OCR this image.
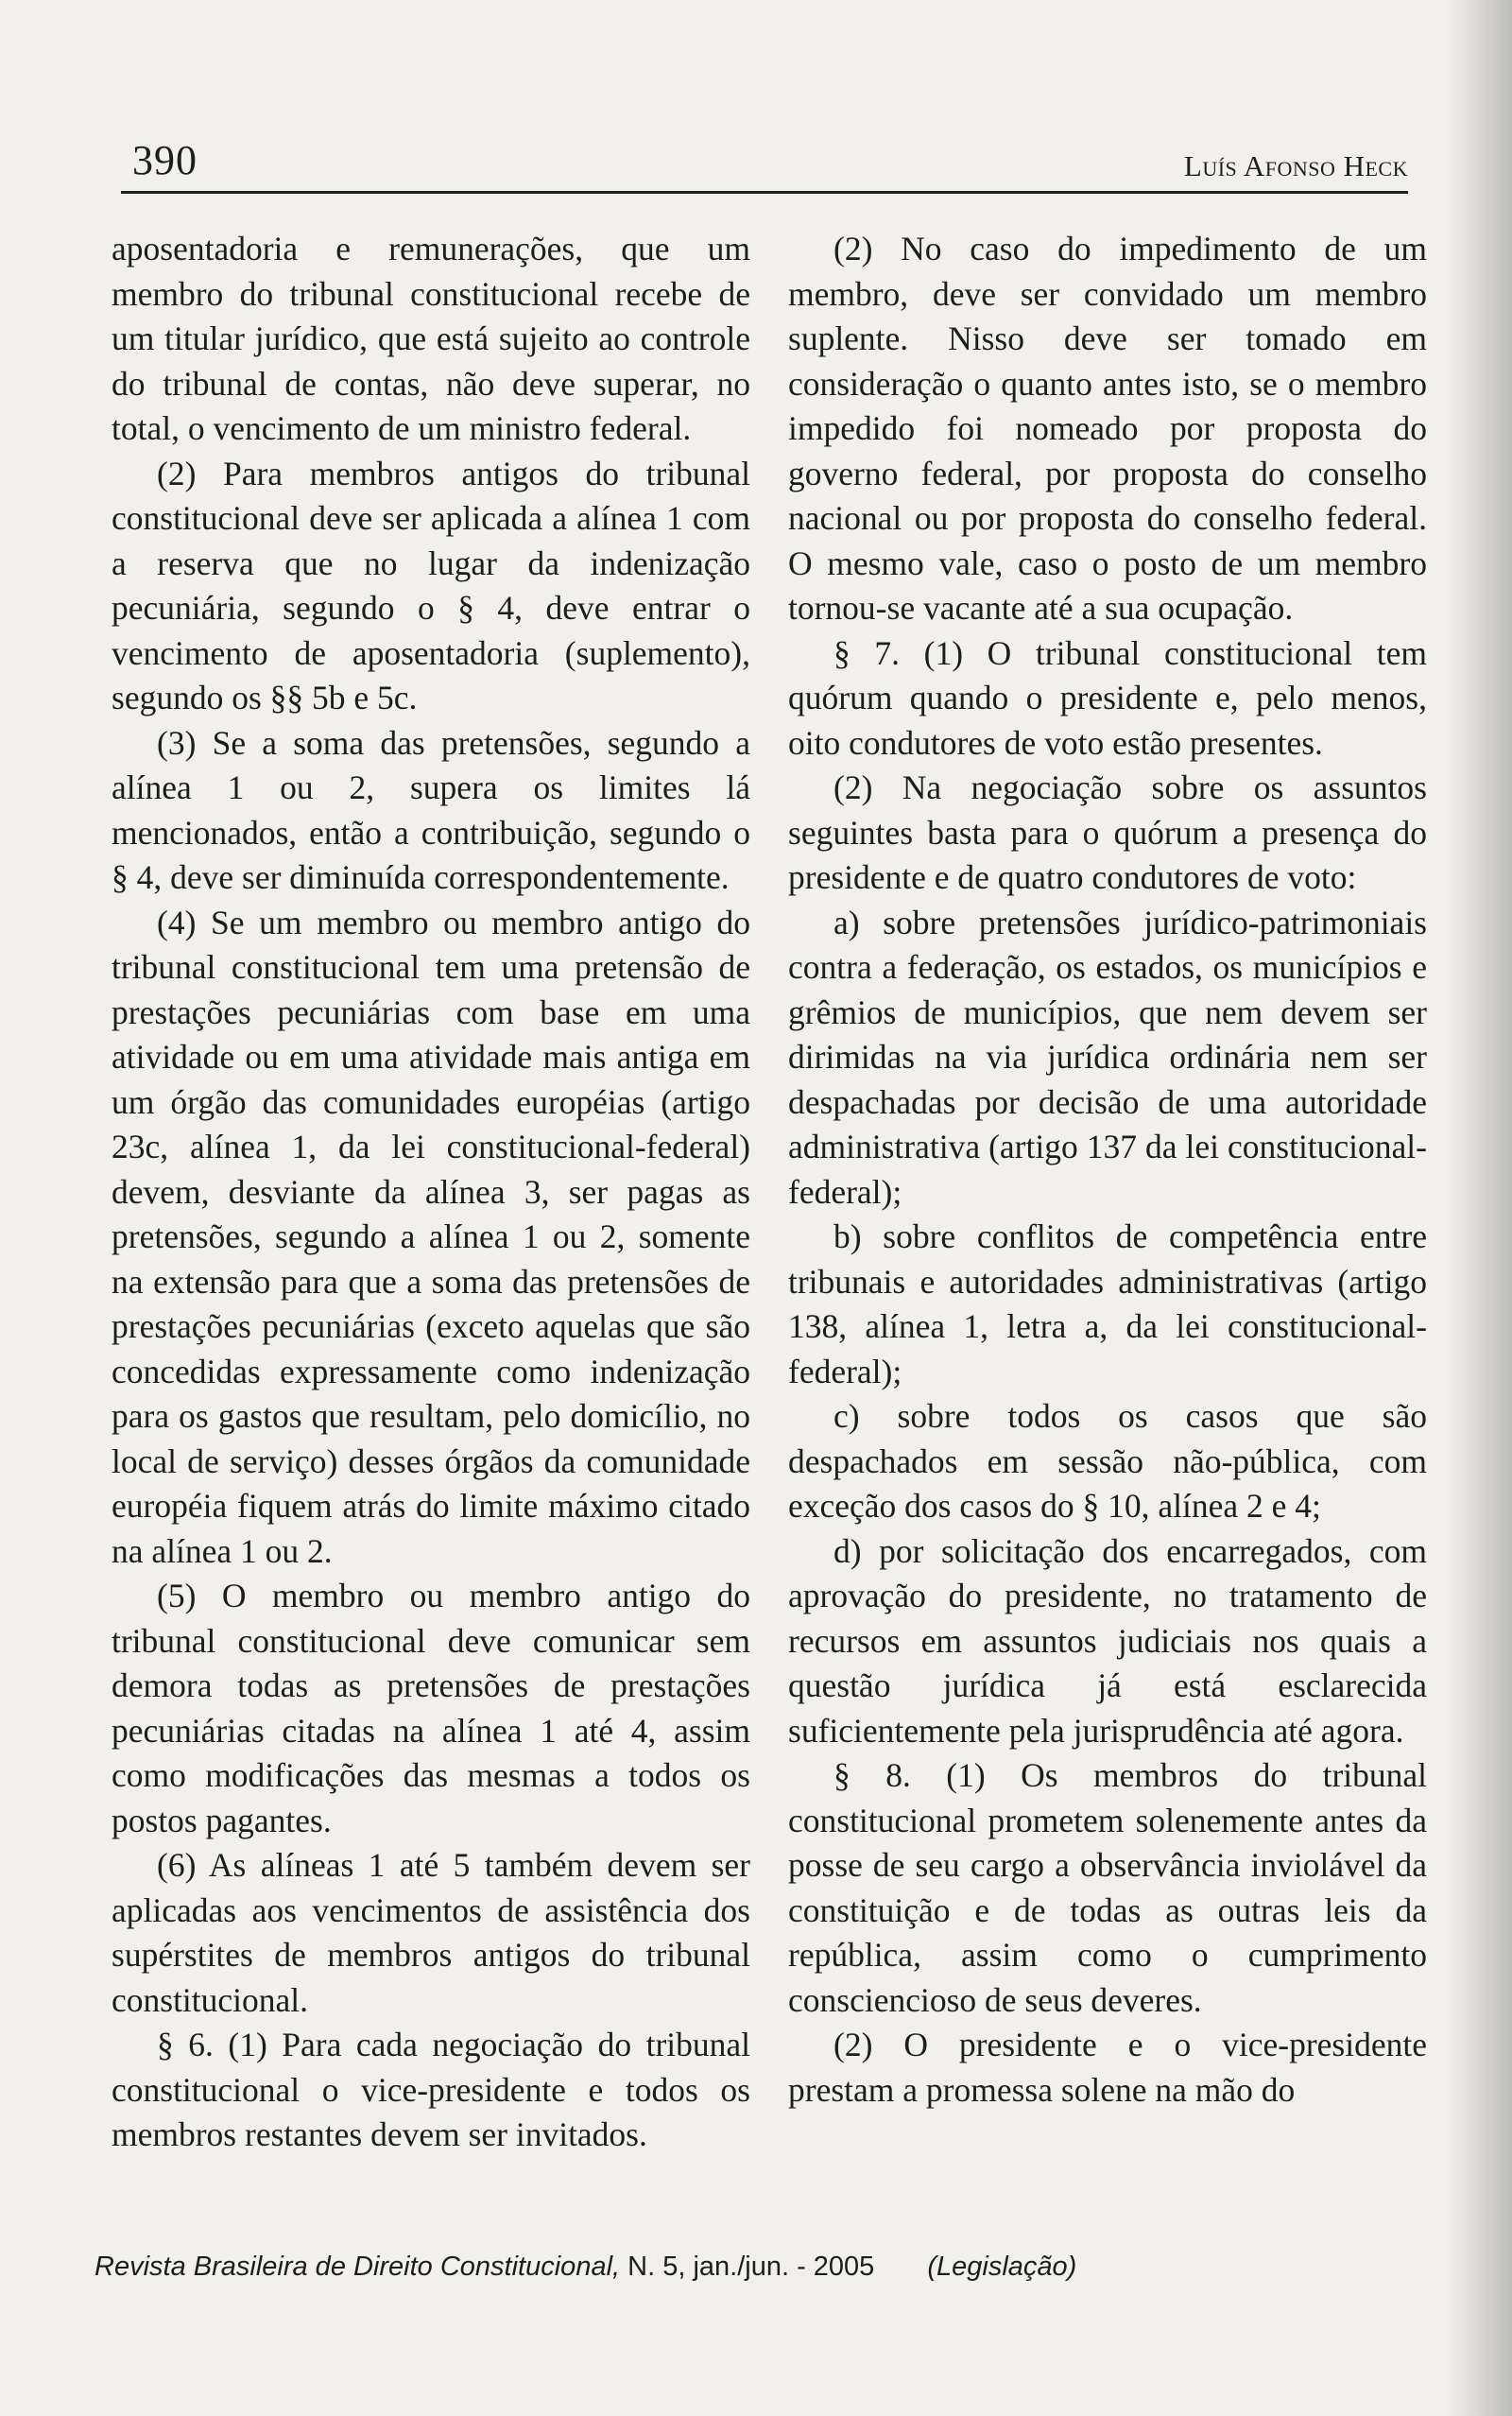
390	Luís Afonso Heck

aposentadoria e remunerações, que um membro do tribunal constitucional recebe de um titular jurídico, que está sujeito ao controle do tribunal de contas, não deve superar, no total, o vencimento de um ministro federal.

(2) Para membros antigos do tribunal constitucional deve ser aplicada a alínea 1 com a reserva que no lugar da indenização pecuniária, segundo o § 4, deve entrar o vencimento de aposentadoria (suplemento), segundo os §§ 5b e 5c.

(3) Se a soma das pretensões, segundo a alínea 1 ou 2, supera os limites lá mencionados, então a contribuição, segundo o § 4, deve ser diminuída correspondentemente.

(4) Se um membro ou membro antigo do tribunal constitucional tem uma pretensão de prestações pecuniárias com base em uma atividade ou em uma atividade mais antiga em um órgão das comunidades européias (artigo 23c, alínea 1, da lei constitucional-federal) devem, desviante da alínea 3, ser pagas as pretensões, segundo a alínea 1 ou 2, somente na extensão para que a soma das pretensões de prestações pecuniárias (exceto aquelas que são concedidas expressamente como indenização para os gastos que resultam, pelo domicílio, no local de serviço) desses órgãos da comunidade européia fiquem atrás do limite máximo citado na alínea 1 ou 2.

(5) O membro ou membro antigo do tribunal constitucional deve comunicar sem demora todas as pretensões de prestações pecuniárias citadas na alínea 1 até 4, assim como modificações das mesmas a todos os postos pagantes.

(6) As alíneas 1 até 5 também devem ser aplicadas aos vencimentos de assistência dos supérstites de membros antigos do tribunal constitucional.

§ 6. (1) Para cada negociação do tribunal constitucional o vice-presidente e todos os membros restantes devem ser invitados.

(2) No caso do impedimento de um membro, deve ser convidado um membro suplente. Nisso deve ser tomado em consideração o quanto antes isto, se o membro impedido foi nomeado por proposta do governo federal, por proposta do conselho nacional ou por proposta do conselho federal. O mesmo vale, caso o posto de um membro tornou-se vacante até a sua ocupação.

§ 7. (1) O tribunal constitucional tem quórum quando o presidente e, pelo menos, oito condutores de voto estão presentes.

(2) Na negociação sobre os assuntos seguintes basta para o quórum a presença do presidente e de quatro condutores de voto:

a) sobre pretensões jurídico-patrimoniais contra a federação, os estados, os municípios e grêmios de municípios, que nem devem ser dirimidas na via jurídica ordinária nem ser despachadas por decisão de uma autoridade administrativa (artigo 137 da lei constitucional-federal);

b) sobre conflitos de competência entre tribunais e autoridades administrativas (artigo 138, alínea 1, letra a, da lei constitucional-federal);

c) sobre todos os casos que são despachados em sessão não-pública, com exceção dos casos do § 10, alínea 2 e 4;

d) por solicitação dos encarregados, com aprovação do presidente, no tratamento de recursos em assuntos judiciais nos quais a questão jurídica já está esclarecida suficientemente pela jurisprudência até agora.

§ 8. (1) Os membros do tribunal constitucional prometem solenemente antes da posse de seu cargo a observância inviolável da constituição e de todas as outras leis da república, assim como o cumprimento consciencioso de seus deveres.

(2) O presidente e o vice-presidente prestam a promessa solene na mão do

Revista Brasileira de Direito Constitucional, N. 5, jan./jun. - 2005 (Legislação)
